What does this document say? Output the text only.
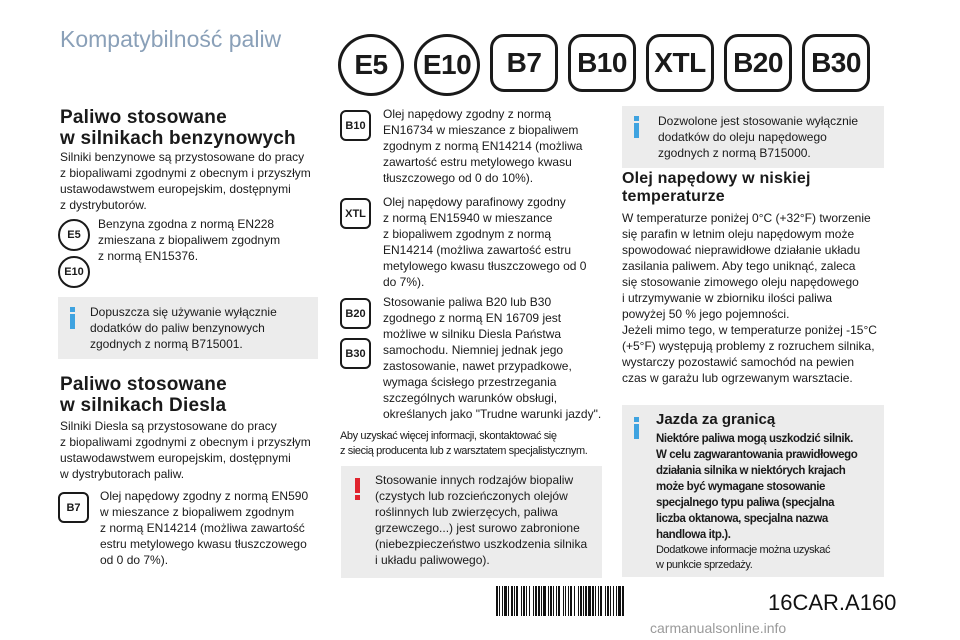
Kompatybilność paliw
E5	E10	B7	B10 XTL B20	B30
Paliwo stosowane
w silnikach benzynowych
Silniki benzynowe są przystosowane do pracy
z biopaliwami zgodnymi z obecnym i przyszłym
ustawodawstwem europejskim, dostępnymi
z dystrybutorów.
E5
E10
Benzyna zgodna z normą EN228
zmieszana z biopaliwem zgodnym
z normą EN15376.
Dopuszcza się używanie wyłącznie
dodatków do paliw benzynowych
zgodnych z normą B715001.
Paliwo stosowane
w silnikach Diesla
Silniki Diesla są przystosowane do pracy
z biopaliwami zgodnymi z obecnym i przyszłym
ustawodawstwem europejskim, dostępnymi
w dystrybutorach paliw.
B7
Olej napędowy zgodny z normą EN590
w mieszance z biopaliwem zgodnym
z normą EN14214 (możliwa zawartość
estru metylowego kwasu tłuszczowego
od 0 do 7%).
B10
Olej napędowy zgodny z normą
EN16734 w mieszance z biopaliwem
zgodnym z normą EN14214 (możliwa
zawartość estru metylowego kwasu
tłuszczowego od 0 do 10%).
XTL
Olej napędowy parafinowy zgodny
z normą EN15940 w mieszance
z biopaliwem zgodnym z normą
EN14214 (możliwa zawartość estru
metylowego kwasu tłuszczowego od 0
do 7%).
B20
B30
Stosowanie paliwa B20 lub B30
zgodnego z normą EN 16709 jest
możliwe w silniku Diesla Państwa
samochodu. Niemniej jednak jego
zastosowanie, nawet przypadkowe,
wymaga ścisłego przestrzegania
szczególnych warunków obsługi,
określanych jako "Trudne warunki jazdy".
Aby uzyskać więcej informacji, skontaktować się
z siecią producenta lub z warsztatem specjalistycznym.
Stosowanie innych rodzajów biopaliw
(czystych lub rozcieńczonych olejów
roślinnych lub zwierzęcych, paliwa
grzewczego...) jest surowo zabronione
(niebezpieczeństwo uszkodzenia silnika
i układu paliwowego).
Dozwolone jest stosowanie wyłącznie
dodatków do oleju napędowego
zgodnych z normą B715000.
Olej napędowy w niskiej
temperaturze
W temperaturze poniżej 0°C (+32°F) tworzenie
się parafin w letnim oleju napędowym może
spowodować nieprawidłowe działanie układu
zasilania paliwem. Aby tego uniknąć, zaleca
się stosowanie zimowego oleju napędowego
i utrzymywanie w zbiorniku ilości paliwa
powyżej 50 % jego pojemności.
Jeżeli mimo tego, w temperaturze poniżej -15°C
(+5°F) występują problemy z rozruchem silnika,
wystarczy pozostawić samochód na pewien
czas w garażu lub ogrzewanym warsztacie.
Jazda za granicą
Niektóre paliwa mogą uszkodzić silnik.
W celu zagwarantowania prawidłowego
działania silnika w niektórych krajach
może być wymagane stosowanie
specjalnego typu paliwa (specjalna
liczba oktanowa, specjalna nazwa
handlowa itp.).
Dodatkowe informacje można uzyskać
w punkcie sprzedaży.
16CAR.A160
carmanualsonline.info
